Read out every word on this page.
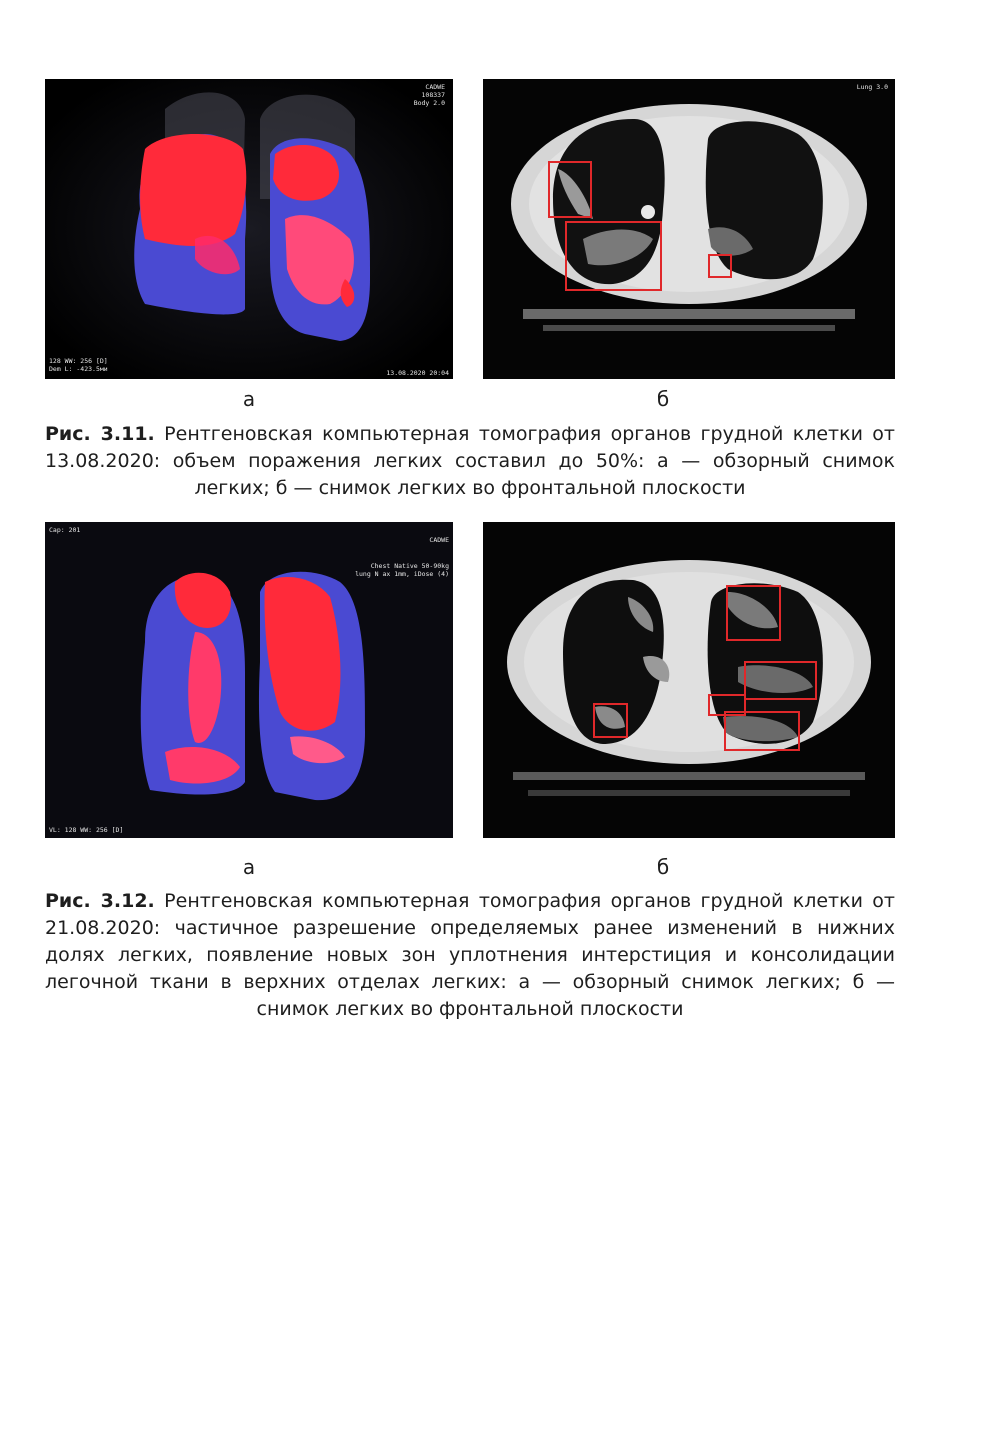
CADWE
108337
Body 2.0
128 WW: 256 [D]
Dem L: -423.5ми	13.08.2020 20:04
Lung 3.0
а	б
Рис. 3.11. Рентгеновская компьютерная томография органов грудной клетки от 13.08.2020: объем поражения легких составил до 50%: а — обзорный снимок легких; б — снимок легких во фронтальной плоскости
Cap: 201
CADWE
Chest Native 50-90kg
lung N ax 1mm, iDose (4)
VL: 128 WW: 256 [D]
а	б
Рис. 3.12. Рентгеновская компьютерная томография органов грудной клетки от 21.08.2020: частичное разрешение определяемых ранее изменений в нижних долях легких, появление новых зон уплотнения интерстиция и консолидации легочной ткани в верхних отделах легких: а — обзорный снимок легких; б — снимок легких во фронтальной плоскости
